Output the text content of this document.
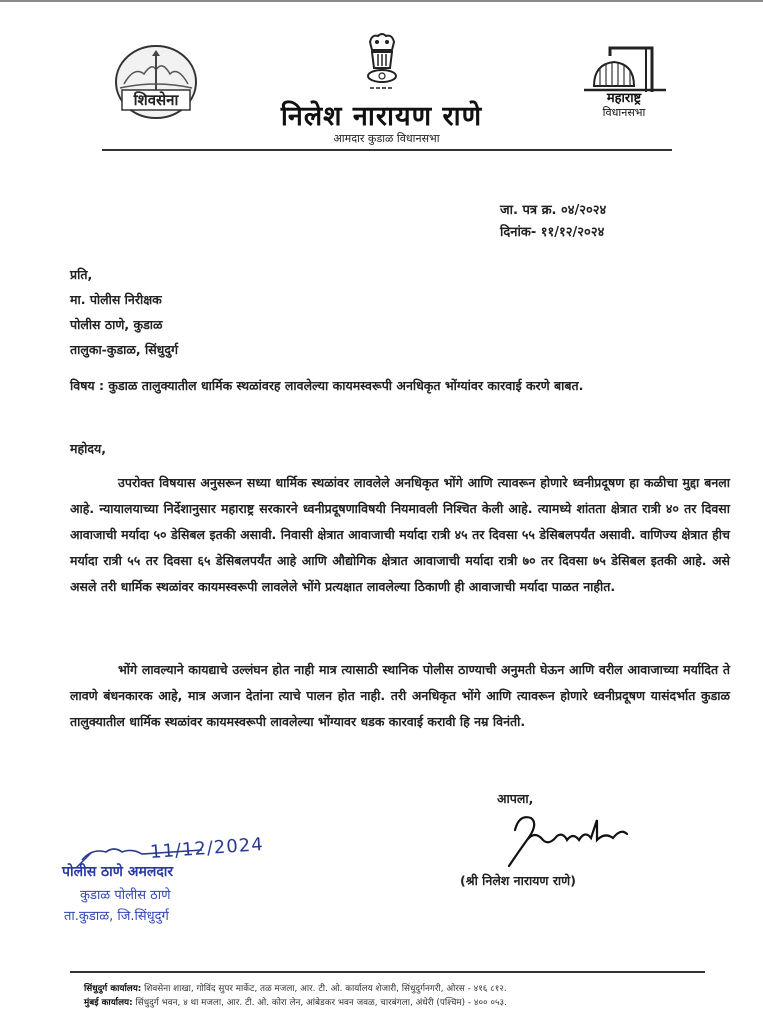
शिवसेना	महाराष्ट्र
विधानसभा
निलेश नारायण राणे
आमदार कुडाळ विधानसभा
जा. पत्र क्र. ०४/२०२४
दिनांक- ११/१२/२०२४
प्रति,
मा. पोलीस निरीक्षक
पोलीस ठाणे, कुडाळ
तालुका-कुडाळ, सिंधुदुर्ग
विषय : कुडाळ तालुक्यातील धार्मिक स्थळांवरह लावलेल्या कायमस्वरूपी अनधिकृत भोंग्यांवर कारवाई करणे बाबत.
महोदय,
उपरोक्त विषयास अनुसरून सध्या धार्मिक स्थळांवर लावलेले अनधिकृत भोंगे आणि त्यावरून होणारे ध्वनीप्रदूषण हा कळीचा मुद्दा बनला आहे. न्यायालयाच्या निर्देशानुसार महाराष्ट्र सरकारने ध्वनीप्रदूषणाविषयी नियमावली निश्चित केली आहे. त्यामध्ये शांतता क्षेत्रात रात्री ४० तर दिवसा आवाजाची मर्यादा ५० डेसिबल इतकी असावी. निवासी क्षेत्रात आवाजाची मर्यादा रात्री ४५ तर दिवसा ५५ डेसिबलपर्यंत असावी. वाणिज्य क्षेत्रात हीच मर्यादा रात्री ५५ तर दिवसा ६५ डेसिबलपर्यंत आहे आणि औद्योगिक क्षेत्रात आवाजाची मर्यादा रात्री ७० तर दिवसा ७५ डेसिबल इतकी आहे. असे असले तरी धार्मिक स्थळांवर कायमस्वरूपी लावलेले भोंगे प्रत्यक्षात लावलेल्या ठिकाणी ही आवाजाची मर्यादा पाळत नाहीत.
भोंगे लावल्याने कायद्याचे उल्लंघन होत नाही मात्र त्यासाठी स्थानिक पोलीस ठाण्याची अनुमती घेऊन आणि वरील आवाजाच्या मर्यादित ते लावणे बंधनकारक आहे, मात्र अजान देतांना त्याचे पालन होत नाही. तरी अनधिकृत भोंगे आणि त्यावरून होणारे ध्वनीप्रदूषण यासंदर्भात कुडाळ तालुक्यातील धार्मिक स्थळांवर कायमस्वरूपी लावलेल्या भोंग्यावर धडक कारवाई करावी हि नम्र विनंती.
आपला,
(श्री निलेश नारायण राणे)
11/12/2024
पोलीस ठाणे अमलदार
कुडाळ पोलीस ठाणे
ता.कुडाळ, जि.सिंधुदुर्ग
सिंधुदुर्ग कार्यालय: शिवसेना शाखा, गोविंद सुपर मार्केट, तळ मजला, आर. टी. ओ. कार्यालय शेजारी, सिंधुदुर्गनगरी, ओरस - ४१६ ८१२.
मुंबई कार्यालय: सिंधुदुर्ग भवन, ४ था मजला, आर. टी. ओ. कोरा लेन, आंबेडकर भवन जवळ, चारबंगला, अंधेरी (पश्चिम) - ४०० ०५३.
